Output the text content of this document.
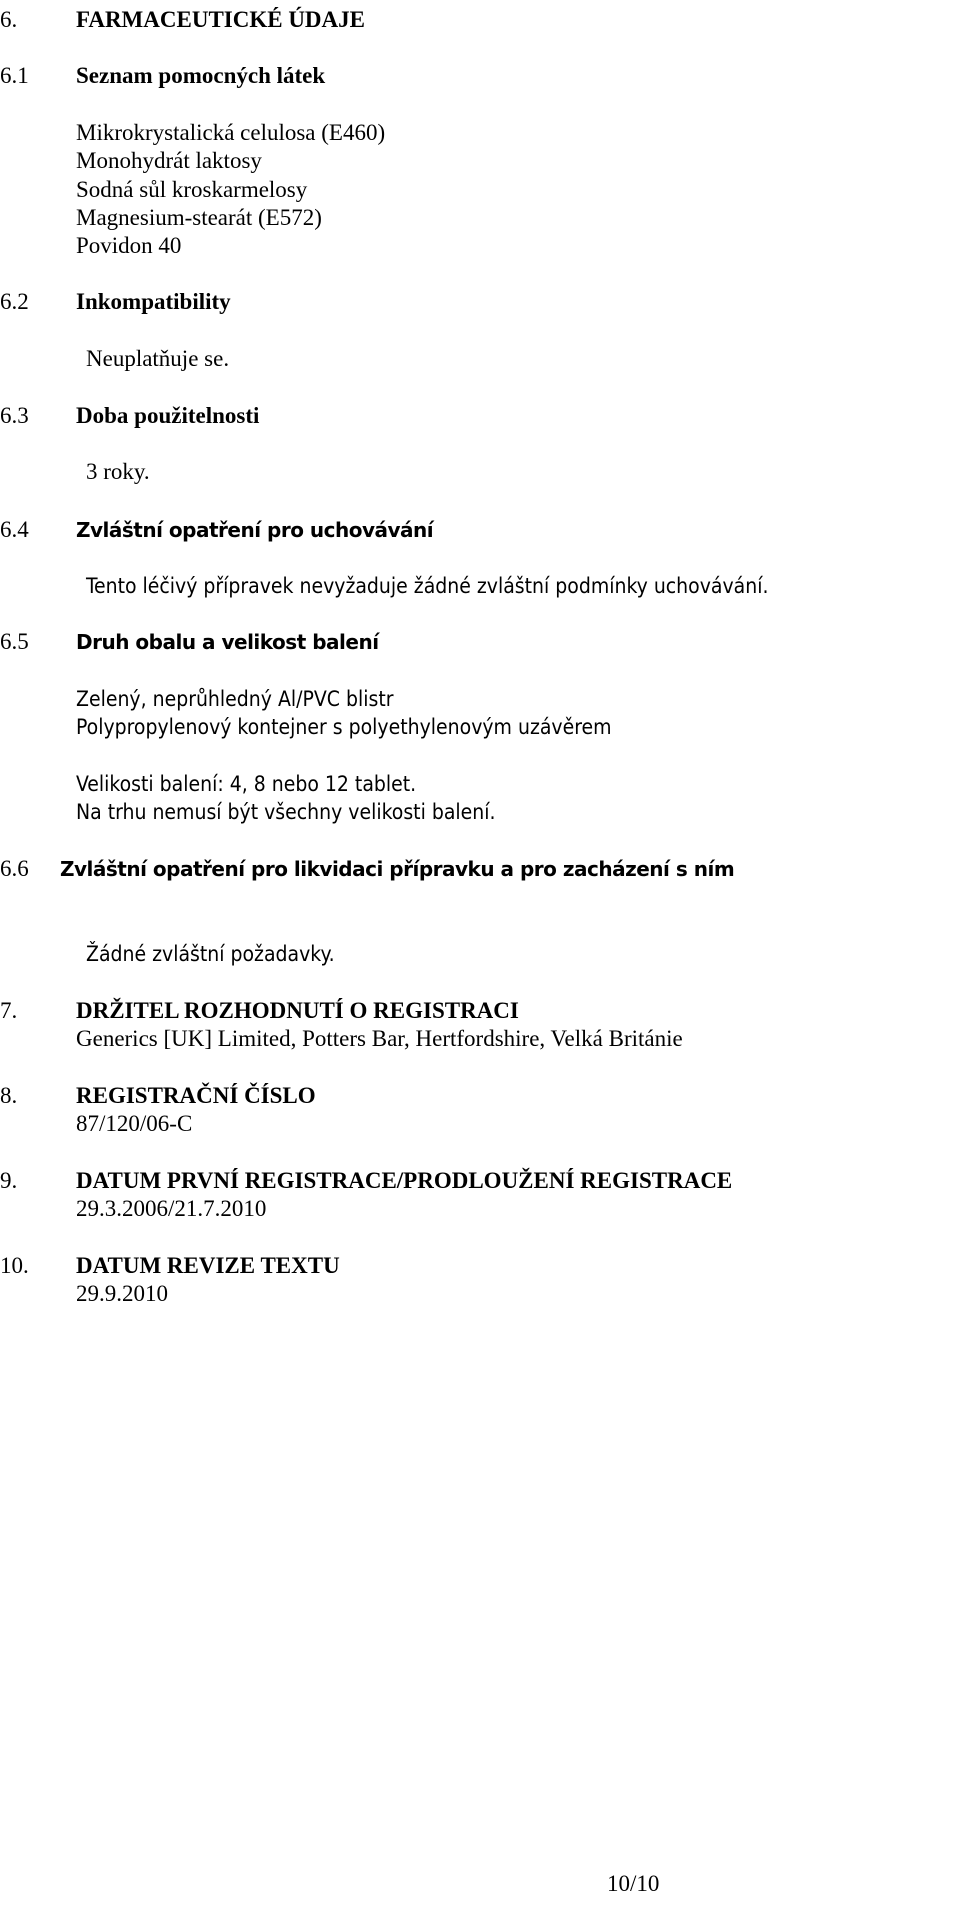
6.	FARMACEUTICKÉ ÚDAJE
6.1 Seznam pomocných látek
Mikrokrystalická celulosa (E460)
Monohydrát laktosy
Sodná sůl kroskarmelosy
Magnesium-stearát (E572)
Povidon 40
6.2 Inkompatibility
Neuplatňuje se.
6.3 Doba použitelnosti
3 roky.
6.4 Zvláštní opatření pro uchovávání
Tento léčivý přípravek nevyžaduje žádné zvláštní podmínky uchovávání.
6.5 Druh obalu a velikost balení
Zelený, neprůhledný Al/PVC blistr
Polypropylenový kontejner s polyethylenovým uzávěrem
Velikosti balení: 4, 8 nebo 12 tablet.
Na trhu nemusí být všechny velikosti balení.
6.6 Zvláštní opatření pro likvidaci přípravku a pro zacházení s ním
Žádné zvláštní požadavky.
7.	DRŽITEL ROZHODNUTÍ O REGISTRACI
Generics [UK] Limited, Potters Bar, Hertfordshire, Velká Británie
8.	REGISTRAČNÍ ČÍSLO
87/120/06-C
9.	DATUM PRVNÍ REGISTRACE/PRODLOUŽENÍ REGISTRACE
29.3.2006/21.7.2010
10. DATUM REVIZE TEXTU
29.9.2010
10/10
